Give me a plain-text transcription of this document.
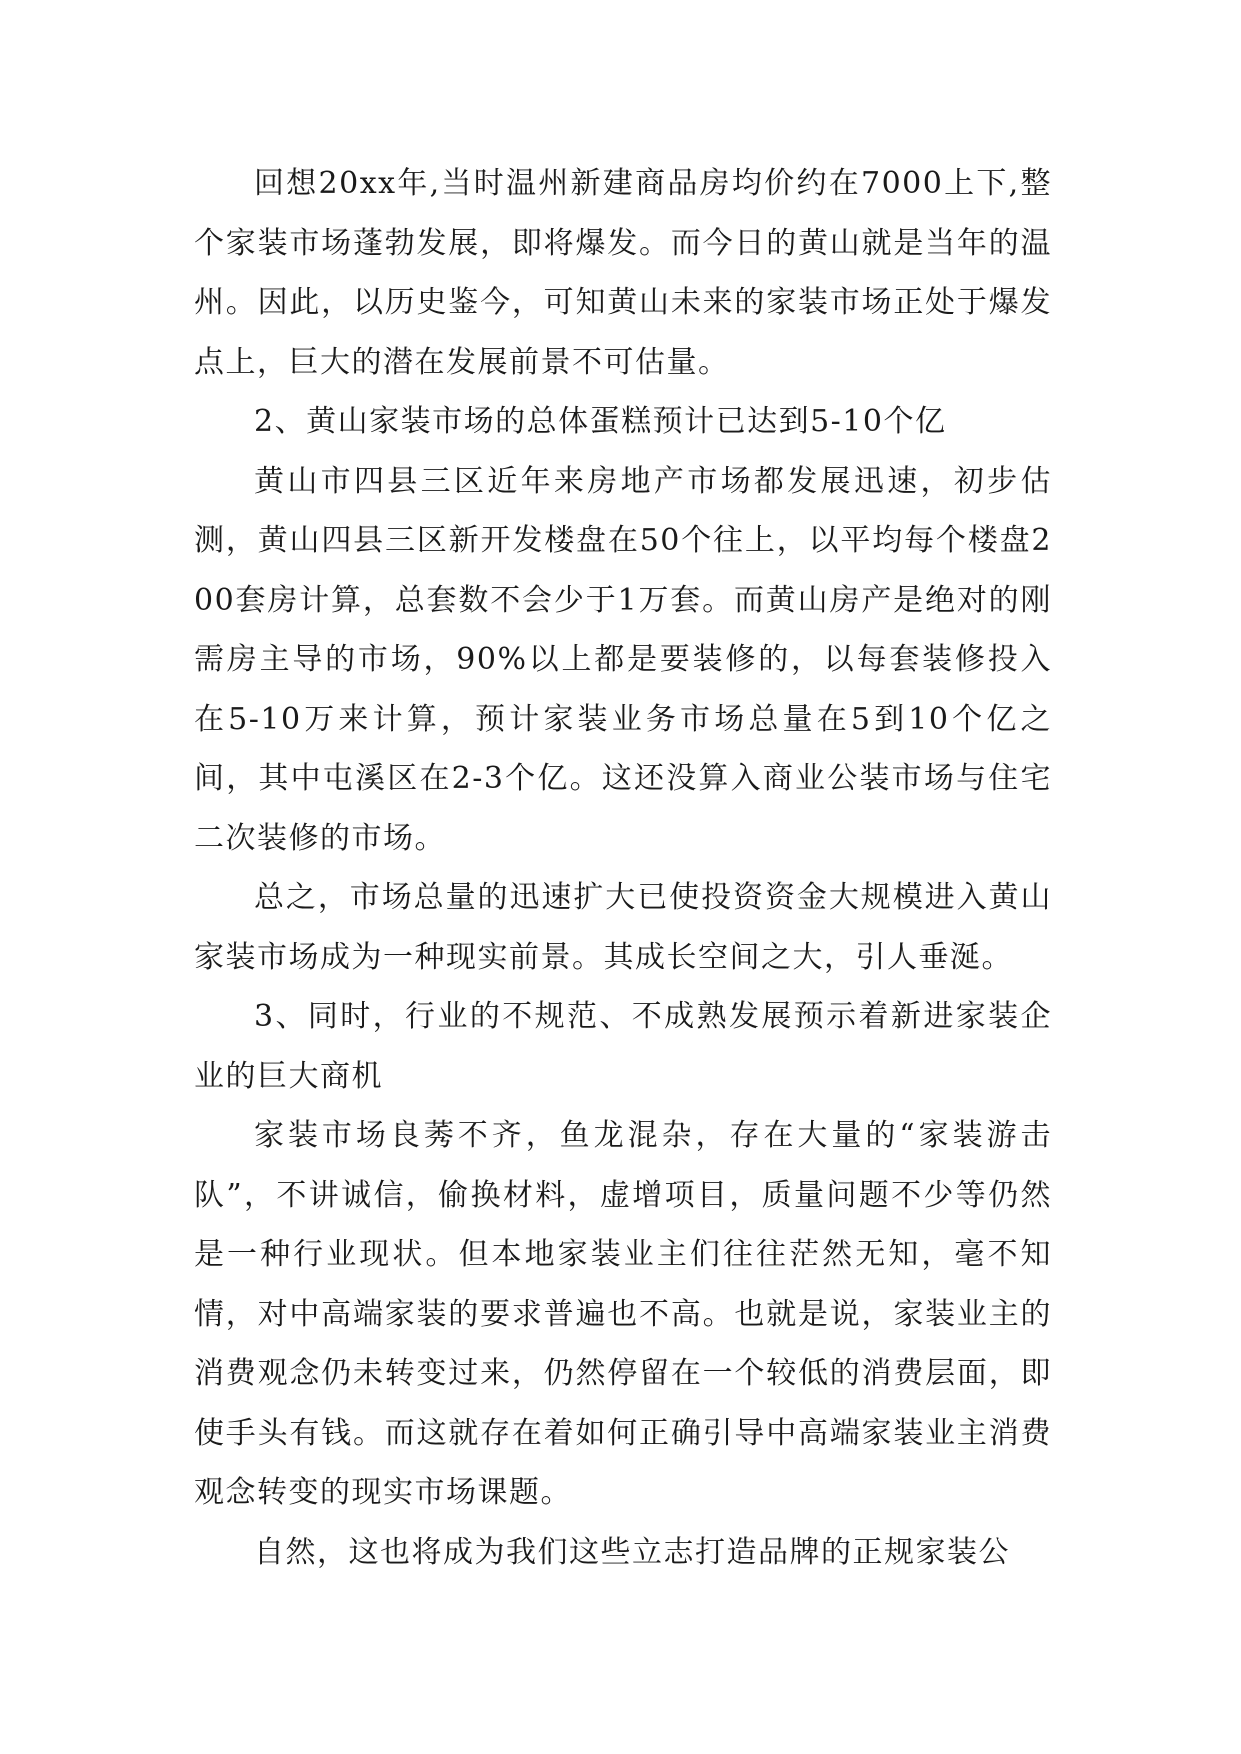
回想20xx年,当时温州新建商品房均价约在7000上下,整个家装市场蓬勃发展，即将爆发。而今日的黄山就是当年的温州。因此，以历史鉴今，可知黄山未来的家装市场正处于爆发点上，巨大的潜在发展前景不可估量。

2、黄山家装市场的总体蛋糕预计已达到5-10个亿

黄山市四县三区近年来房地产市场都发展迅速，初步估测，黄山四县三区新开发楼盘在50个往上，以平均每个楼盘200套房计算，总套数不会少于1万套。而黄山房产是绝对的刚需房主导的市场，90%以上都是要装修的，以每套装修投入在5-10万来计算，预计家装业务市场总量在5到10个亿之间，其中屯溪区在2-3个亿。这还没算入商业公装市场与住宅二次装修的市场。

总之，市场总量的迅速扩大已使投资资金大规模进入黄山家装市场成为一种现实前景。其成长空间之大，引人垂涎。

3、同时，行业的不规范、不成熟发展预示着新进家装企业的巨大商机

家装市场良莠不齐，鱼龙混杂，存在大量的“家装游击队”，不讲诚信，偷换材料，虚增项目，质量问题不少等仍然是一种行业现状。但本地家装业主们往往茫然无知，毫不知情，对中高端家装的要求普遍也不高。也就是说，家装业主的消费观念仍未转变过来，仍然停留在一个较低的消费层面，即使手头有钱。而这就存在着如何正确引导中高端家装业主消费观念转变的现实市场课题。

自然，这也将成为我们这些立志打造品牌的正规家装公
